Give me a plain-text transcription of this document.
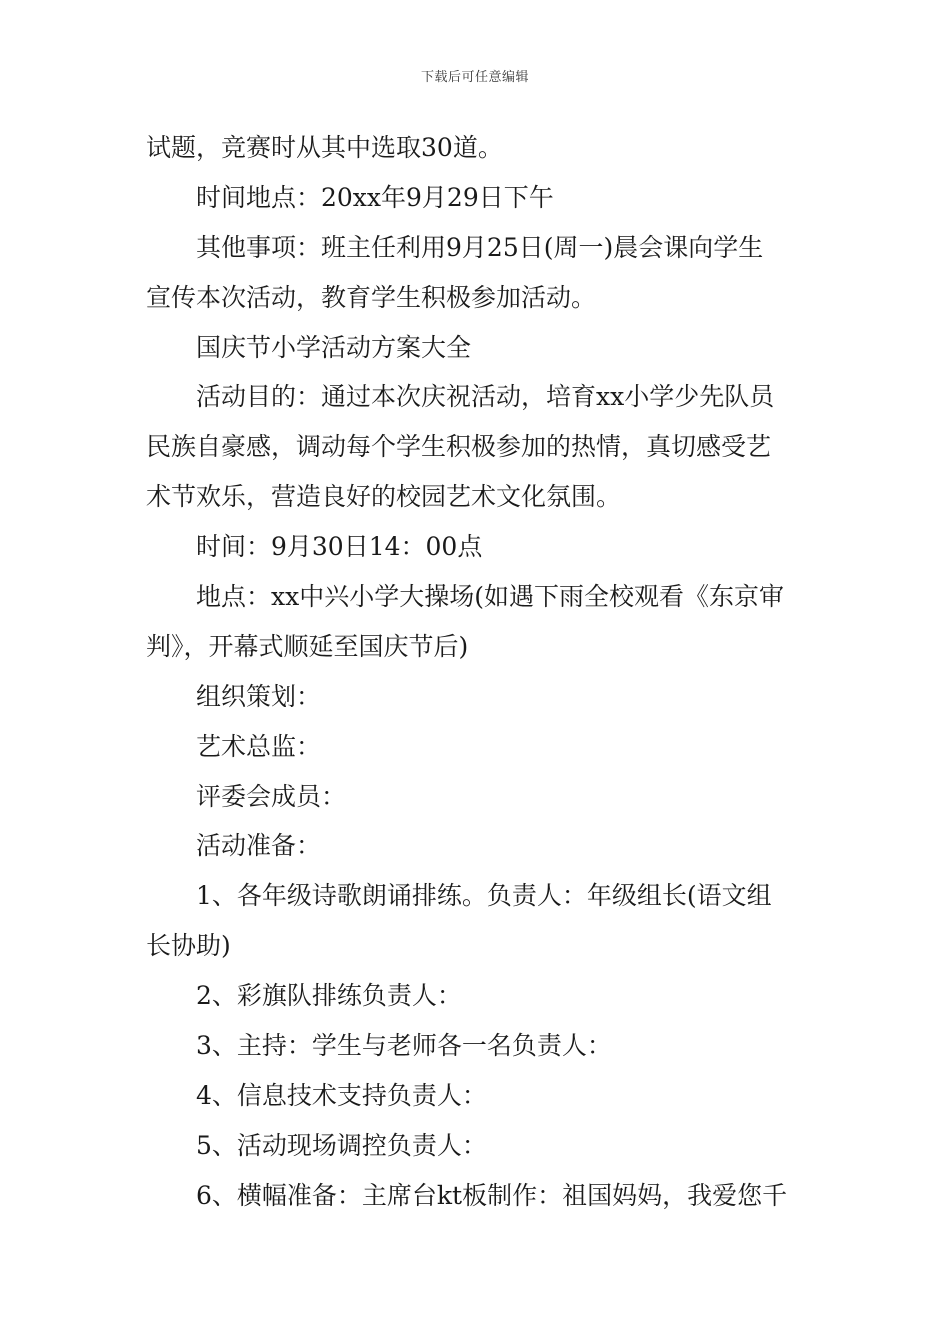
下载后可任意编辑
试题，竞赛时从其中选取30道。
时间地点：20xx年9月29日下午
其他事项：班主任利用9月25日(周一)晨会课向学生
宣传本次活动，教育学生积极参加活动。
国庆节小学活动方案大全
活动目的：通过本次庆祝活动，培育xx小学少先队员
民族自豪感，调动每个学生积极参加的热情，真切感受艺
术节欢乐，营造良好的校园艺术文化氛围。
时间：9月30日14：00点
地点：xx中兴小学大操场(如遇下雨全校观看《东京审
判》，开幕式顺延至国庆节后)
组织策划：
艺术总监：
评委会成员：
活动准备：
1、各年级诗歌朗诵排练。负责人：年级组长(语文组
长协助)
2、彩旗队排练负责人：
3、主持：学生与老师各一名负责人：
4、信息技术支持负责人：
5、活动现场调控负责人：
6、横幅准备：主席台kt板制作：祖国妈妈，我爱您千
